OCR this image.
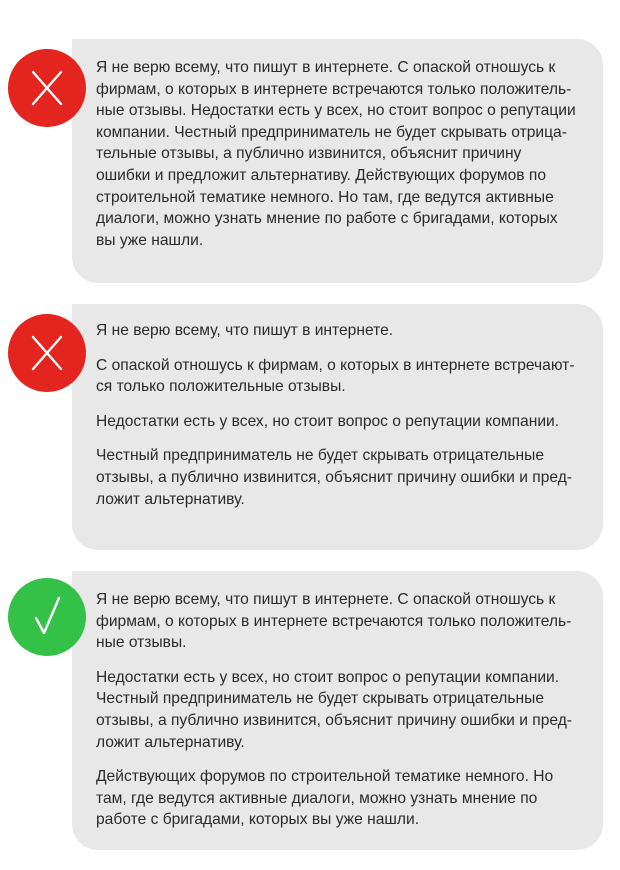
Я не верю всему, что пишут в интернете. С опаской отношусь к
фирмам, о которых в интернете встречаются только положитель-
ные отзывы. Недостатки есть у всех, но стоит вопрос о репутации
компании. Честный предприниматель не будет скрывать отрица-
тельные отзывы, а публично извинится, объяснит причину
ошибки и предложит альтернативу. Действующих форумов по
строительной тематике немного. Но там, где ведутся активные
диалоги, можно узнать мнение по работе с бригадами, которых
вы уже нашли.

Я не верю всему, что пишут в интернете.

С опаской отношусь к фирмам, о которых в интернете встречают-
ся только положительные отзывы.

Недостатки есть у всех, но стоит вопрос о репутации компании.

Честный предприниматель не будет скрывать отрицательные
отзывы, а публично извинится, объяснит причину ошибки и пред-
ложит альтернативу.

Я не верю всему, что пишут в интернете. С опаской отношусь к
фирмам, о которых в интернете встречаются только положитель-
ные отзывы.

Недостатки есть у всех, но стоит вопрос о репутации компании.
Честный предприниматель не будет скрывать отрицательные
отзывы, а публично извинится, объяснит причину ошибки и пред-
ложит альтернативу.

Действующих форумов по строительной тематике немного. Но
там, где ведутся активные диалоги, можно узнать мнение по
работе с бригадами, которых вы уже нашли.
